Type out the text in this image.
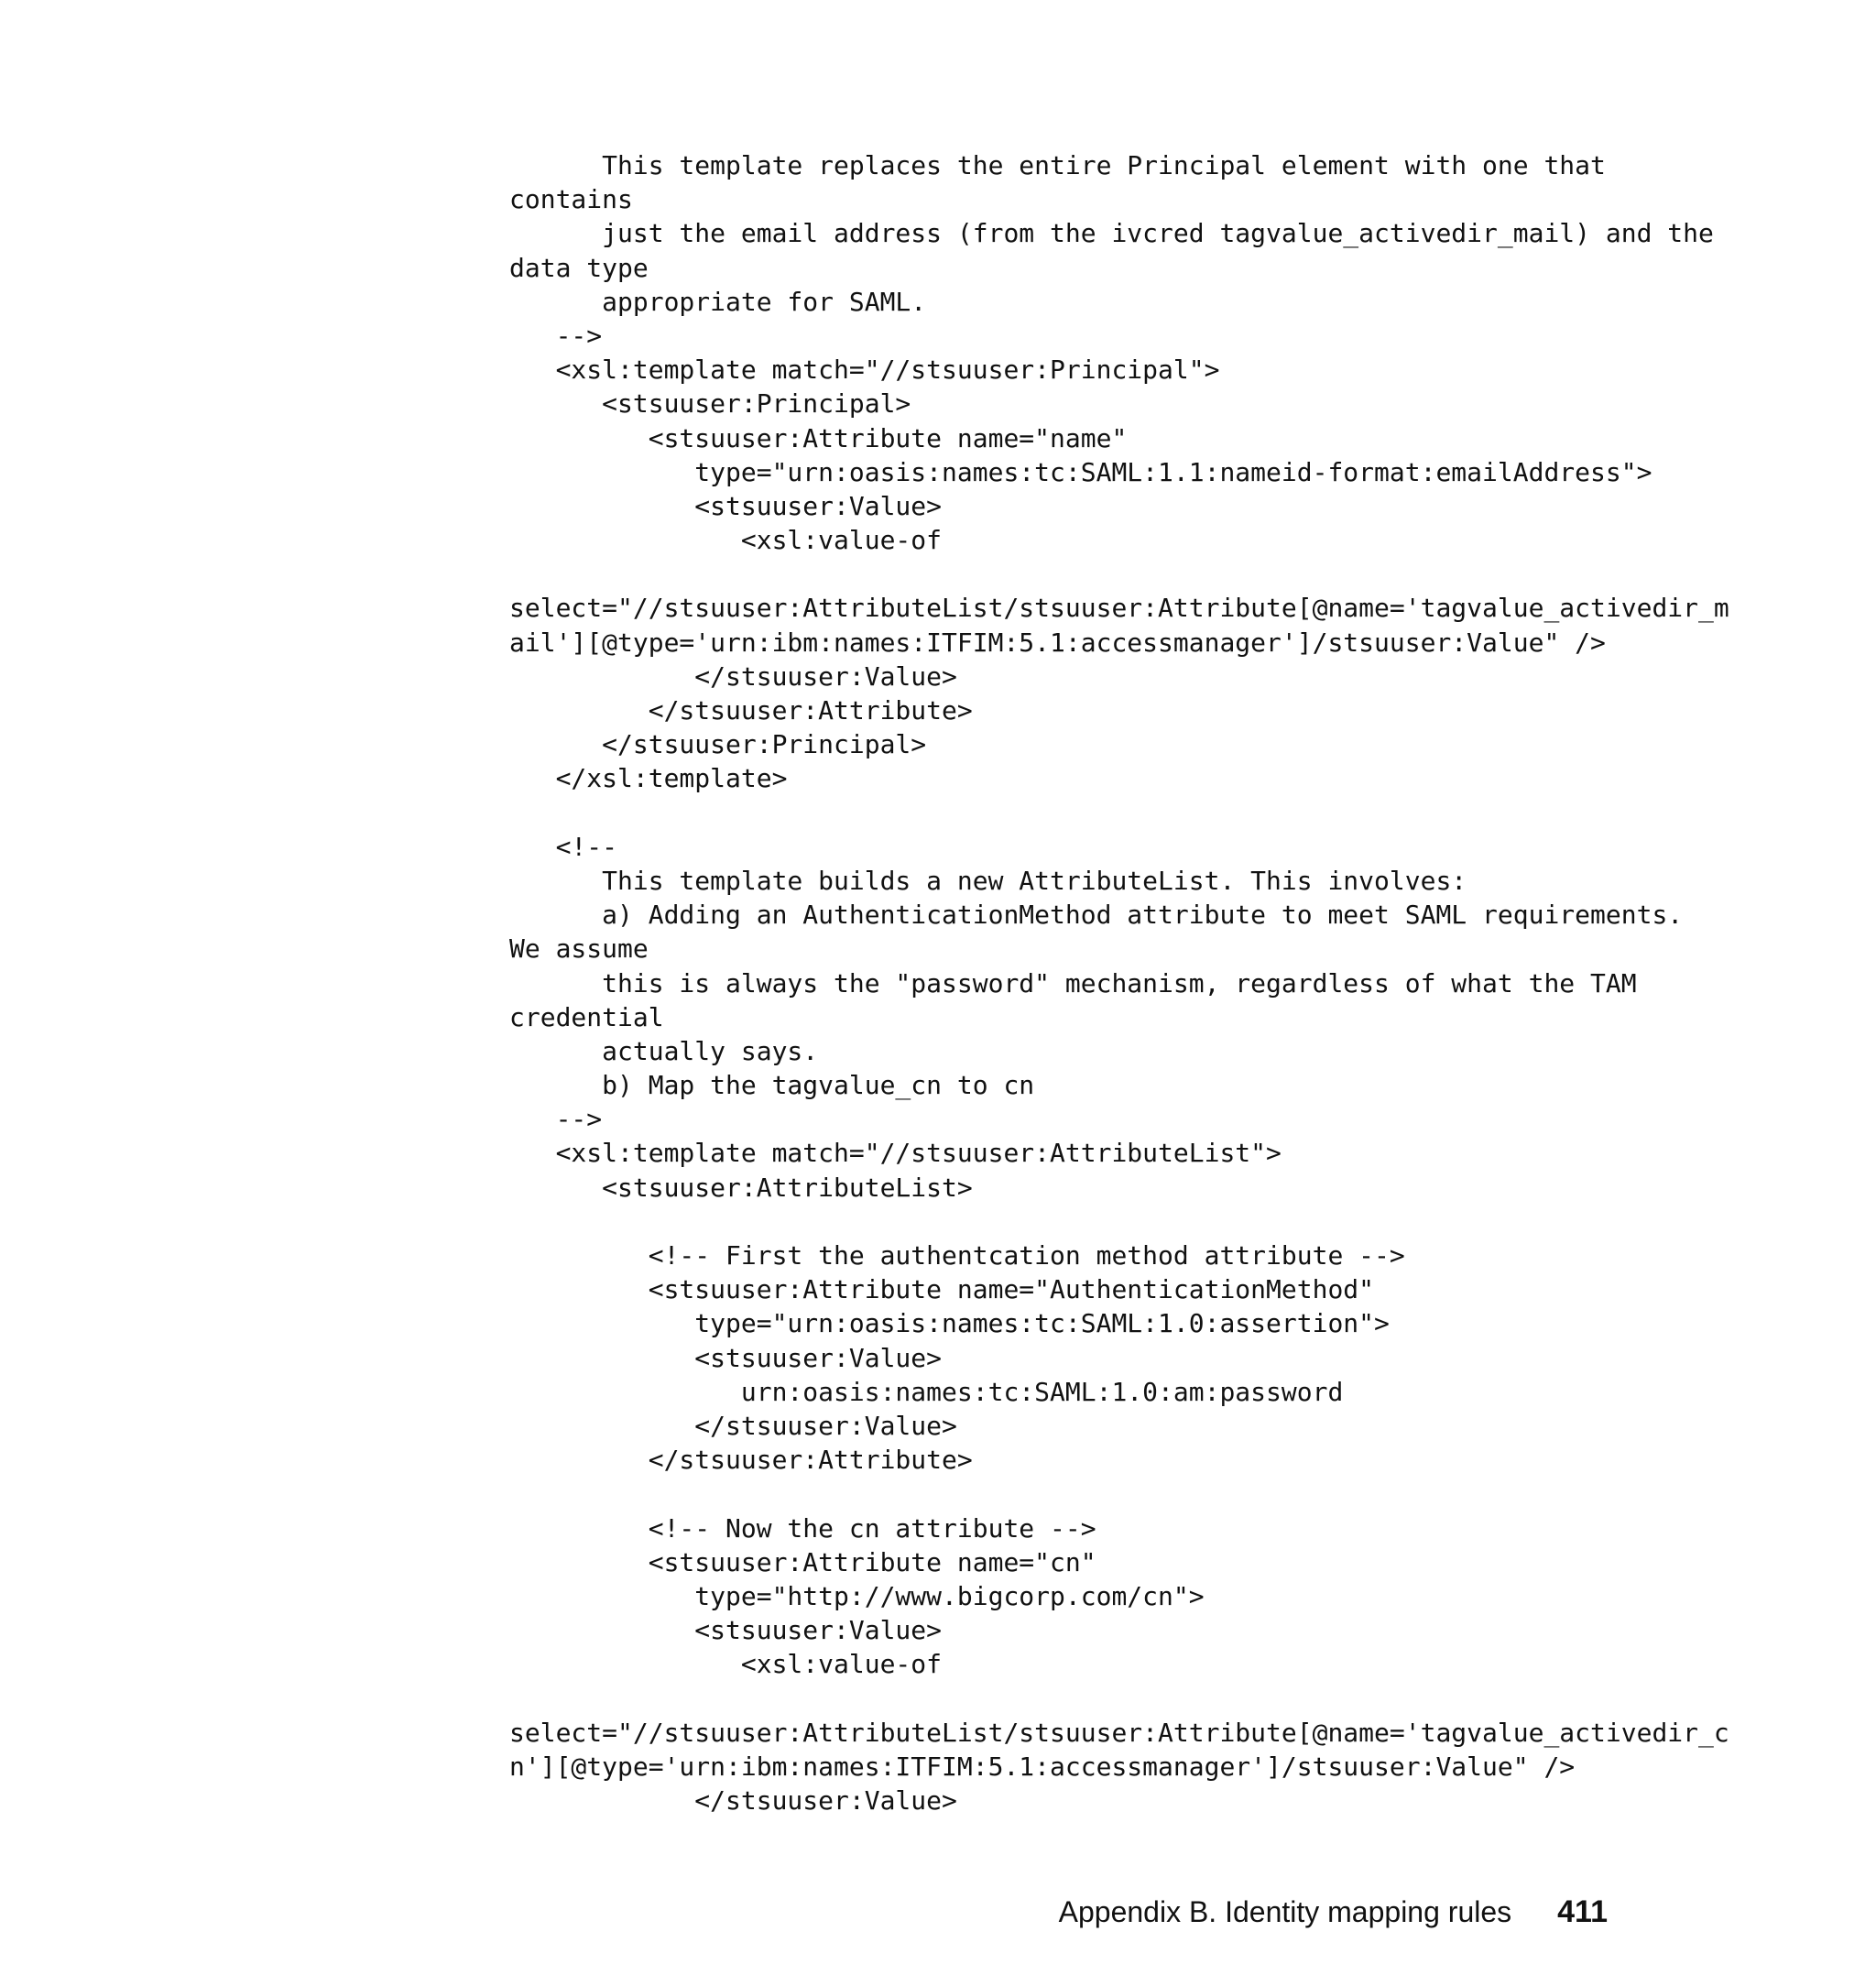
This template replaces the entire Principal element with one that
contains
just the email address (from the ivcred tagvalue_activedir_mail) and the
data type
appropriate for SAML.
-->
<xsl:template match="//stsuuser:Principal">
<stsuuser:Principal>
<stsuuser:Attribute name="name"
type="urn:oasis:names:tc:SAML:1.1:nameid-format:emailAddress">
<stsuuser:Value>
<xsl:value-of
select="//stsuuser:AttributeList/stsuuser:Attribute[@name='tagvalue_activedir_m
ail'][@type='urn:ibm:names:ITFIM:5.1:accessmanager']/stsuuser:Value" />
</stsuuser:Value>
</stsuuser:Attribute>
</stsuuser:Principal>
</xsl:template>
<!--
This template builds a new AttributeList. This involves:
a) Adding an AuthenticationMethod attribute to meet SAML requirements.
We assume
this is always the "password" mechanism, regardless of what the TAM
credential
actually says.
b) Map the tagvalue_cn to cn
-->
<xsl:template match="//stsuuser:AttributeList">
<stsuuser:AttributeList>
<!-- First the authentcation method attribute -->
<stsuuser:Attribute name="AuthenticationMethod"
type="urn:oasis:names:tc:SAML:1.0:assertion">
<stsuuser:Value>
urn:oasis:names:tc:SAML:1.0:am:password
</stsuuser:Value>
</stsuuser:Attribute>
<!-- Now the cn attribute -->
<stsuuser:Attribute name="cn"
type="http://www.bigcorp.com/cn">
<stsuuser:Value>
<xsl:value-of
select="//stsuuser:AttributeList/stsuuser:Attribute[@name='tagvalue_activedir_c
n'][@type='urn:ibm:names:ITFIM:5.1:accessmanager']/stsuuser:Value" />
</stsuuser:Value>
Appendix B. Identity mapping rules 411
